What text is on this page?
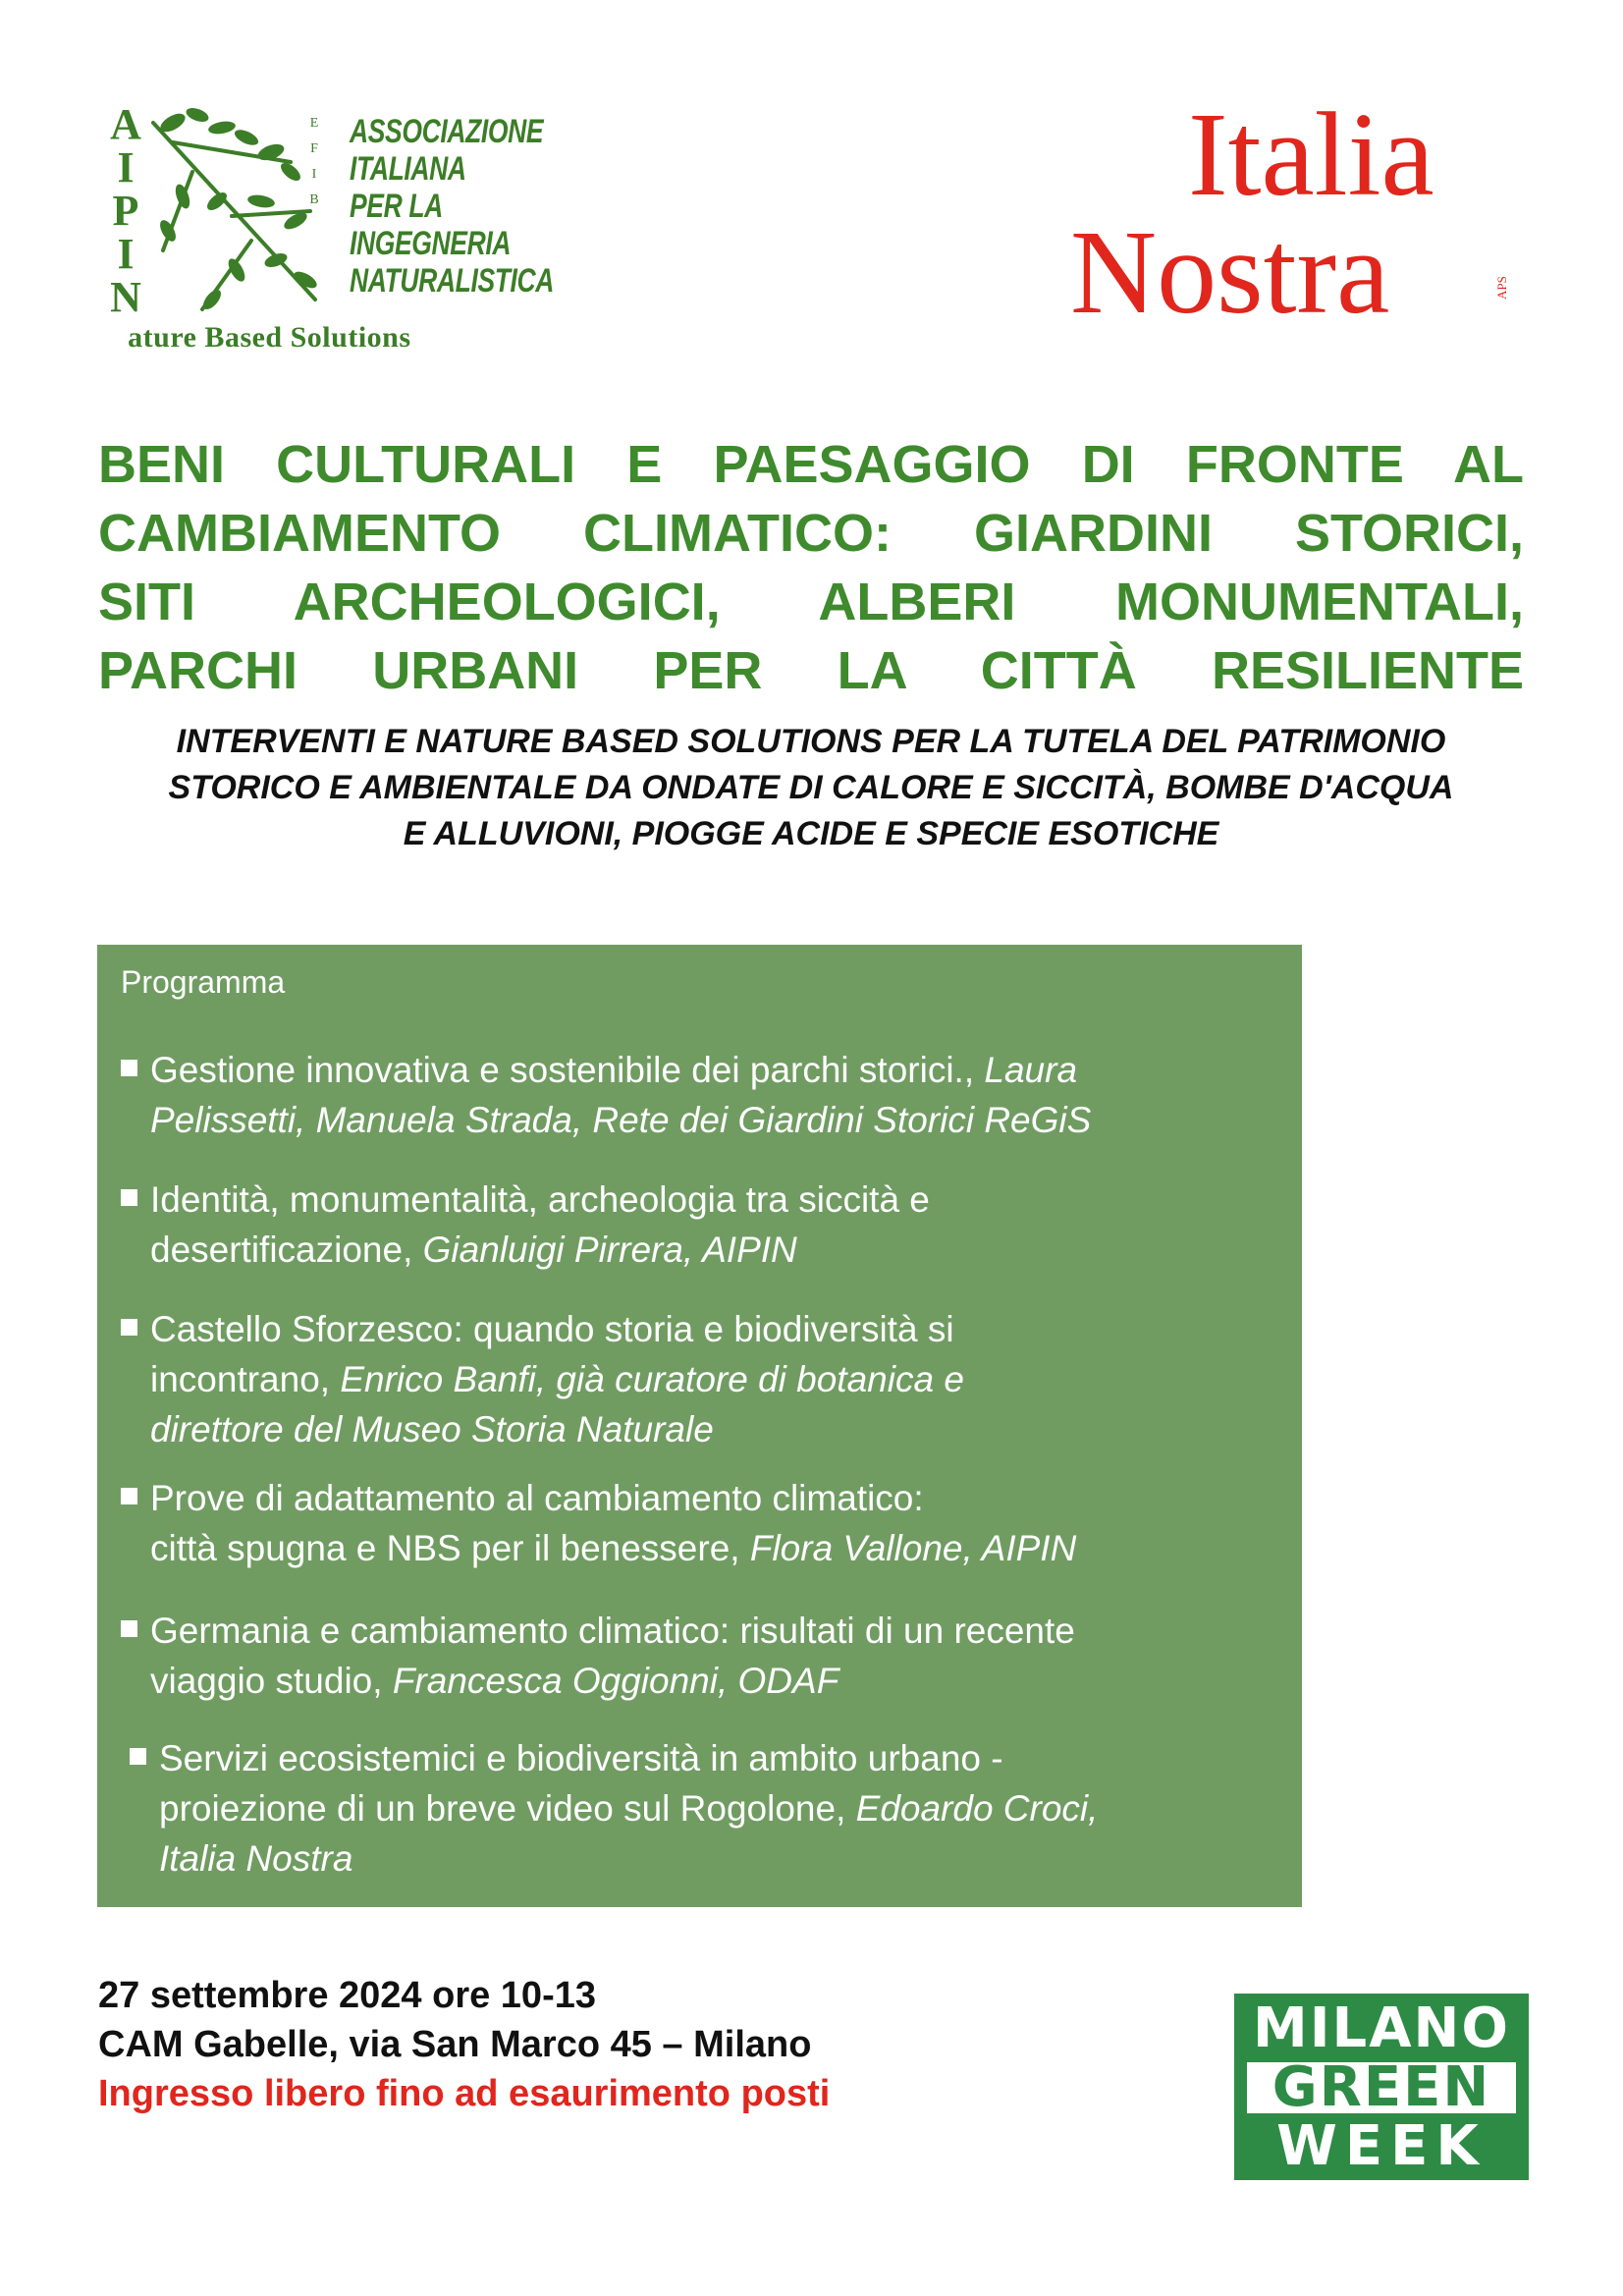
A
I
P
I
N
E
F
I
B
ASSOCIAZIONE
ITALIANA
PER LA
INGEGNERIA
NATURALISTICA
ature Based Solutions
Italia
Nostra	APS
BENI CULTURALI E PAESAGGIO DI FRONTE AL
CAMBIAMENTO CLIMATICO: GIARDINI STORICI,
SITI ARCHEOLOGICI, ALBERI MONUMENTALI,
PARCHI URBANI PER LA CITTÀ RESILIENTE
INTERVENTI E NATURE BASED SOLUTIONS PER LA TUTELA DEL PATRIMONIO
STORICO E AMBIENTALE DA ONDATE DI CALORE E SICCITÀ, BOMBE D'ACQUA
E ALLUVIONI, PIOGGE ACIDE E SPECIE ESOTICHE
Programma
Gestione innovativa e sostenibile dei parchi storici., Laura
Pelissetti, Manuela Strada, Rete dei Giardini Storici ReGiS
Identità, monumentalità, archeologia tra siccità e
desertificazione, Gianluigi Pirrera, AIPIN
Castello Sforzesco: quando storia e biodiversità si
incontrano, Enrico Banfi, già curatore di botanica e
direttore del Museo Storia Naturale
Prove di adattamento al cambiamento climatico:
città spugna e NBS per il benessere, Flora Vallone, AIPIN
Germania e cambiamento climatico: risultati di un recente
viaggio studio, Francesca Oggionni, ODAF
Servizi ecosistemici e biodiversità in ambito urbano -
proiezione di un breve video sul Rogolone, Edoardo Croci,
Italia Nostra
27 settembre 2024 ore 10-13
CAM Gabelle, via San Marco 45 – Milano
Ingresso libero fino ad esaurimento posti
MILANO
GREEN
WEEK
